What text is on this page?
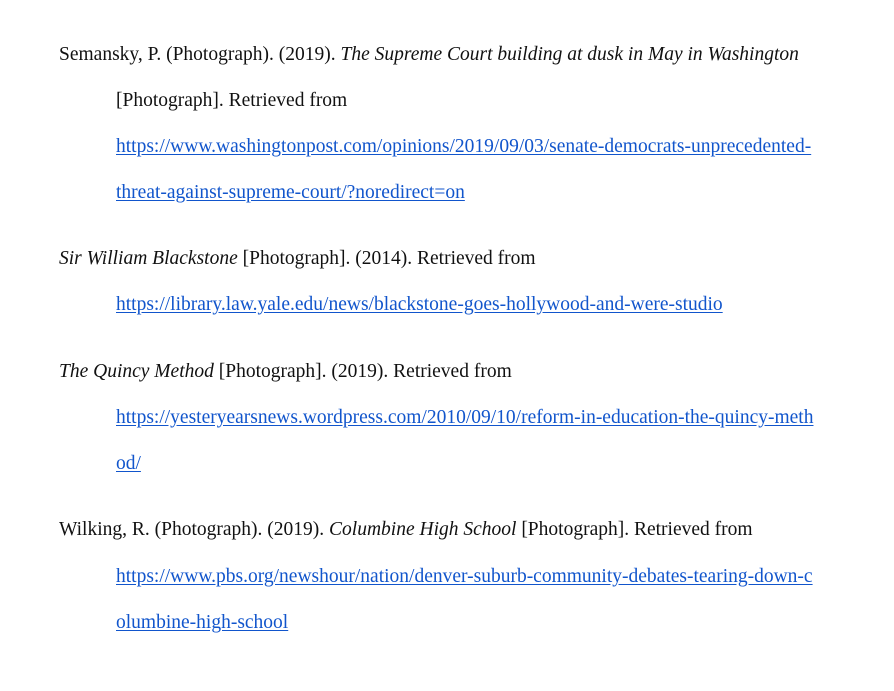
Semansky, P. (Photograph). (2019). The Supreme Court building at dusk in May in Washington
[Photograph]. Retrieved from
https://www.washingtonpost.com/opinions/2019/09/03/senate-democrats-unprecedented-
threat-against-supreme-court/?noredirect=on
Sir William Blackstone [Photograph]. (2014). Retrieved from
https://library.law.yale.edu/news/blackstone-goes-hollywood-and-were-studio
The Quincy Method [Photograph]. (2019). Retrieved from
https://yesteryearsnews.wordpress.com/2010/09/10/reform-in-education-the-quincy-meth
od/
Wilking, R. (Photograph). (2019). Columbine High School [Photograph]. Retrieved from
https://www.pbs.org/newshour/nation/denver-suburb-community-debates-tearing-down-c
olumbine-high-school
